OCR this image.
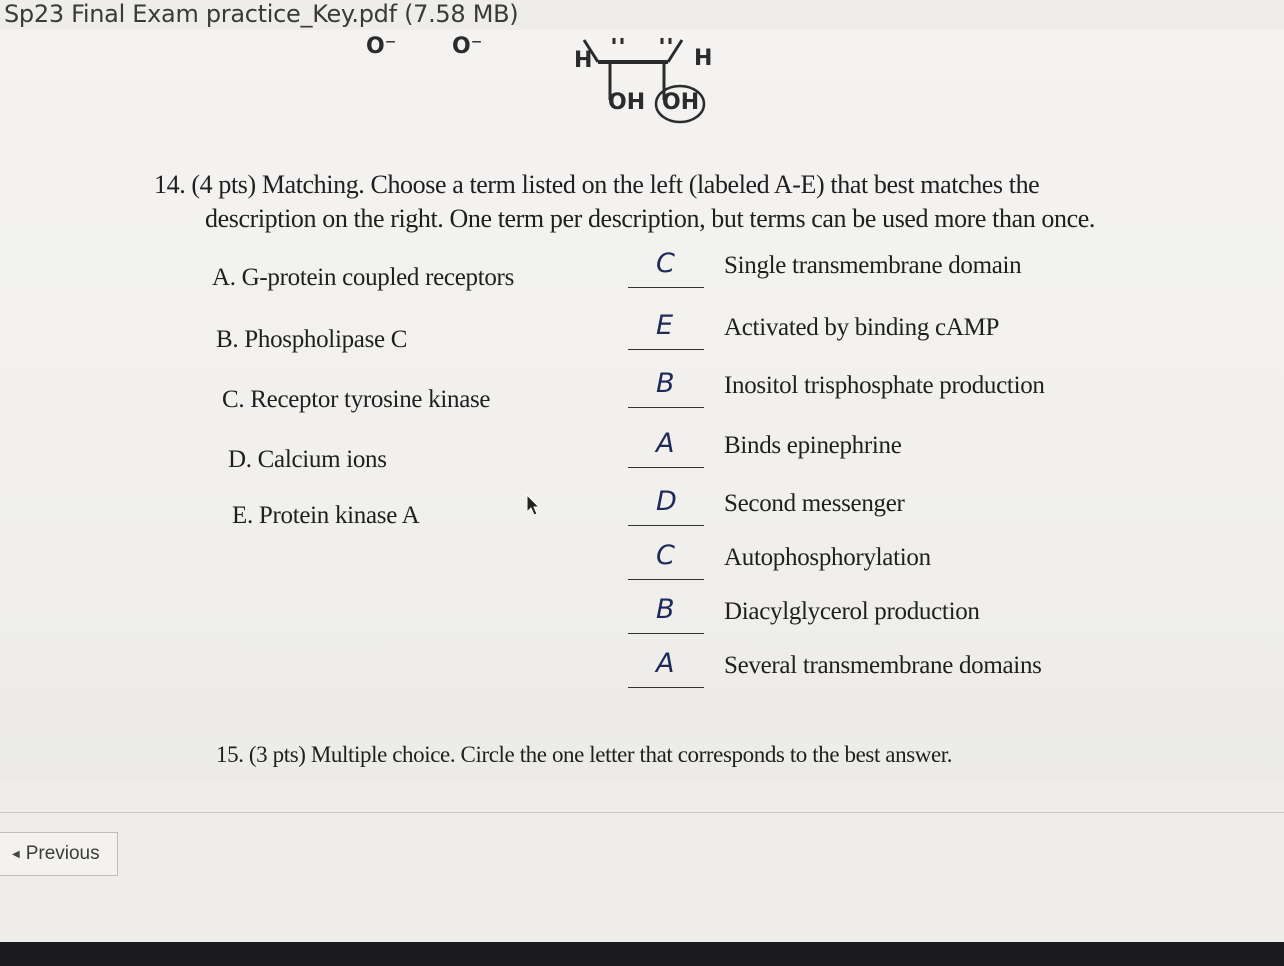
Sp23 Final Exam practice_Key.pdf (7.58 MB)
O⁻	O⁻
H	H
OH OH
14. (4 pts) Matching. Choose a term listed on the left (labeled A-E) that best matches the
description on the right. One term per description, but terms can be used more than once.
A. G-protein coupled receptors
B. Phospholipase C
C. Receptor tyrosine kinase
D. Calcium ions
E. Protein kinase A
C Single transmembrane domain
E Activated by binding cAMP
B Inositol trisphosphate production
A Binds epinephrine
D Second messenger
C Autophosphorylation
B Diacylglycerol production
A Several transmembrane domains
15. (3 pts) Multiple choice. Circle the one letter that corresponds to the best answer.
◀ Previous
